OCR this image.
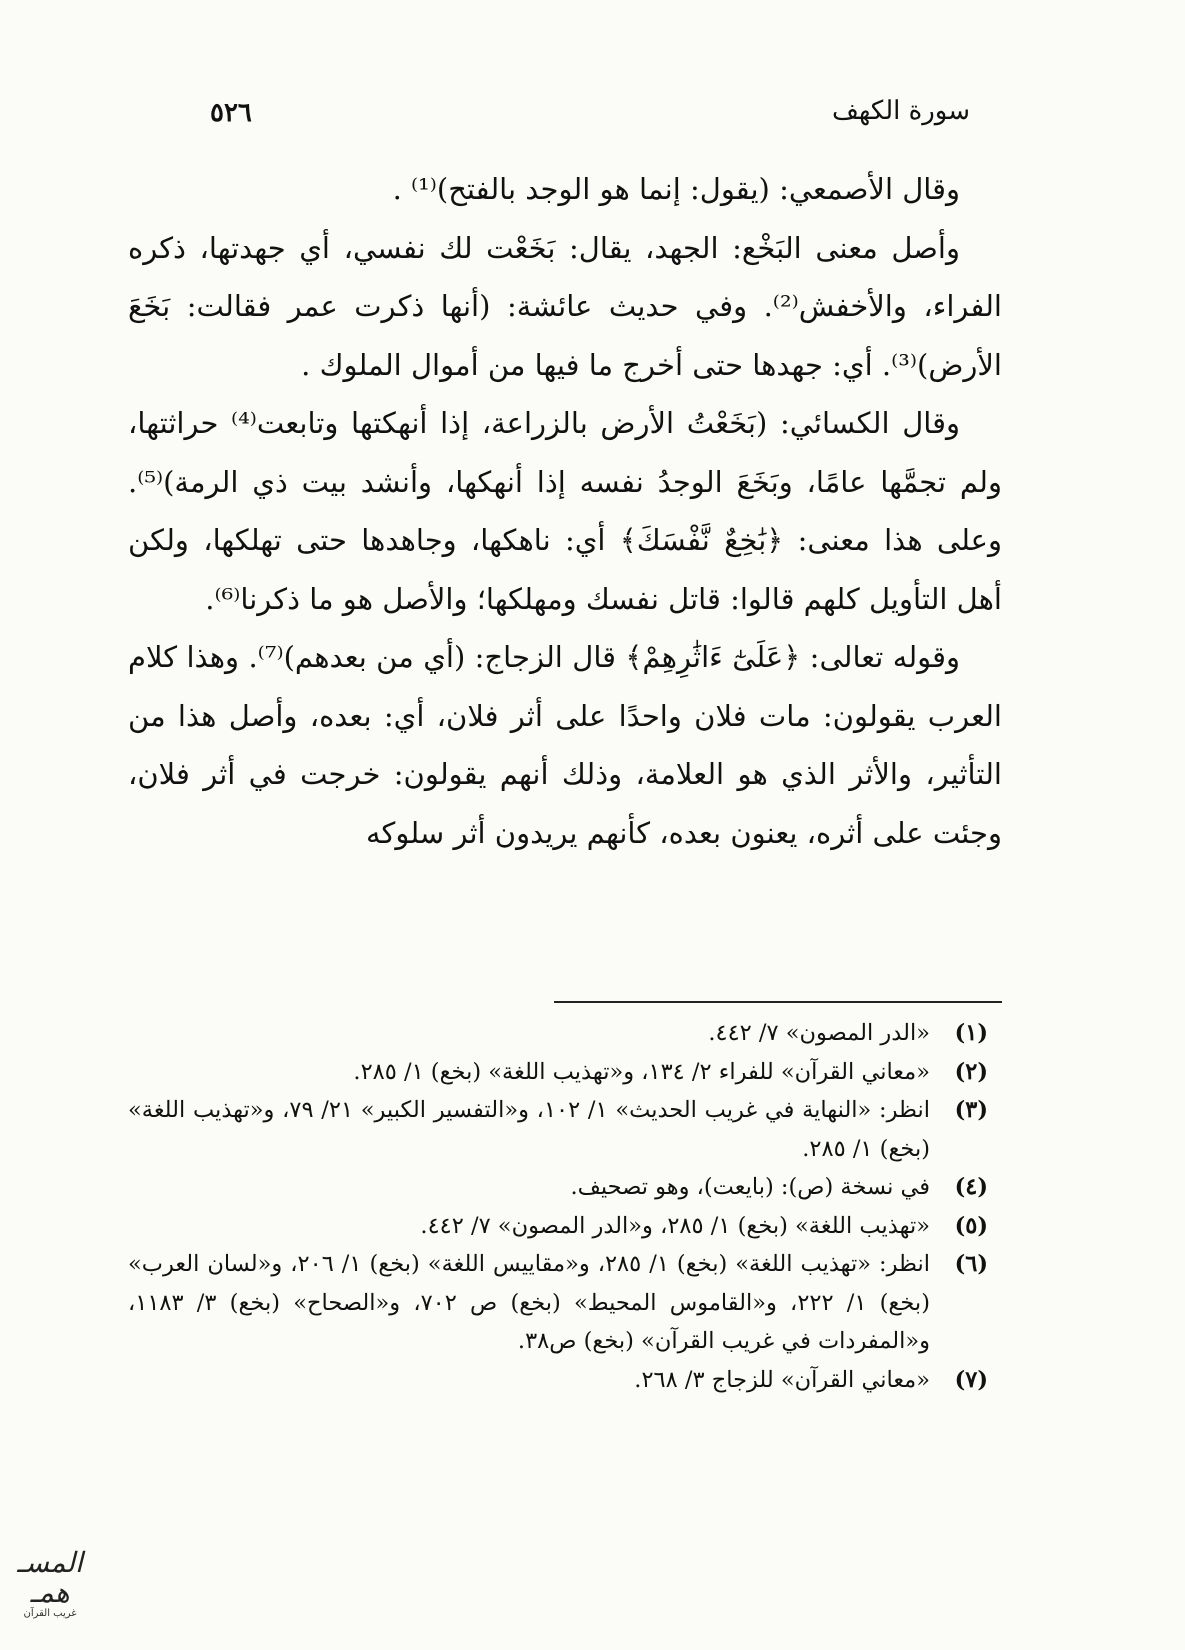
٥٢٦	سورة الكهف

وقال الأصمعي: (يقول: إنما هو الوجد بالفتح)⁽¹⁾ .

وأصل معنى البَخْع: الجهد، يقال: بَخَعْت لك نفسي، أي جهدتها، ذكره الفراء، والأخفش⁽²⁾. وفي حديث عائشة: (أنها ذكرت عمر فقالت: بَخَعَ الأرض)⁽³⁾. أي: جهدها حتى أخرج ما فيها من أموال الملوك .

وقال الكسائي: (بَخَعْتُ الأرض بالزراعة، إذا أنهكتها وتابعت⁽⁴⁾ حراثتها، ولم تجمَّها عامًا، وبَخَعَ الوجدُ نفسه إذا أنهكها، وأنشد بيت ذي الرمة)⁽⁵⁾. وعلى هذا معنى: ﴿بَٰخِعٌ نَّفْسَكَ﴾ أي: ناهكها، وجاهدها حتى تهلكها، ولكن أهل التأويل كلهم قالوا: قاتل نفسك ومهلكها؛ والأصل هو ما ذكرنا⁽⁶⁾.

وقوله تعالى: ﴿عَلَىٰٓ ءَاثَٰرِهِمْ﴾ قال الزجاج: (أي من بعدهم)⁽⁷⁾. وهذا كلام العرب يقولون: مات فلان واحدًا على أثر فلان، أي: بعده، وأصل هذا من التأثير، والأثر الذي هو العلامة، وذلك أنهم يقولون: خرجت في أثر فلان، وجئت على أثره، يعنون بعده، كأنهم يريدون أثر سلوكه

(١)
«الدر المصون» ٧/ ٤٤٢.
(٢)
«معاني القرآن» للفراء ٢/ ١٣٤، و«تهذيب اللغة» (بخع) ١/ ٢٨٥.
(٣)
انظر: «النهاية في غريب الحديث» ١/ ١٠٢، و«التفسير الكبير» ٢١/ ٧٩، و«تهذيب اللغة» (بخع) ١/ ٢٨٥.
(٤)
في نسخة (ص): (بايعت)، وهو تصحيف.
(٥)
«تهذيب اللغة» (بخع) ١/ ٢٨٥، و«الدر المصون» ٧/ ٤٤٢.
(٦)
انظر: «تهذيب اللغة» (بخع) ١/ ٢٨٥، و«مقاييس اللغة» (بخع) ١/ ٢٠٦، و«لسان العرب» (بخع) ١/ ٢٢٢، و«القاموس المحيط» (بخع) ص ٧٠٢، و«الصحاح» (بخع) ٣/ ١١٨٣، و«المفردات في غريب القرآن» (بخع) ص٣٨.
(٧)
«معاني القرآن» للزجاج ٣/ ٢٦٨.
المسـ همـ
ﻏﺮﻳﺐ ﺍﻟﻘﺮﺁﻥ
